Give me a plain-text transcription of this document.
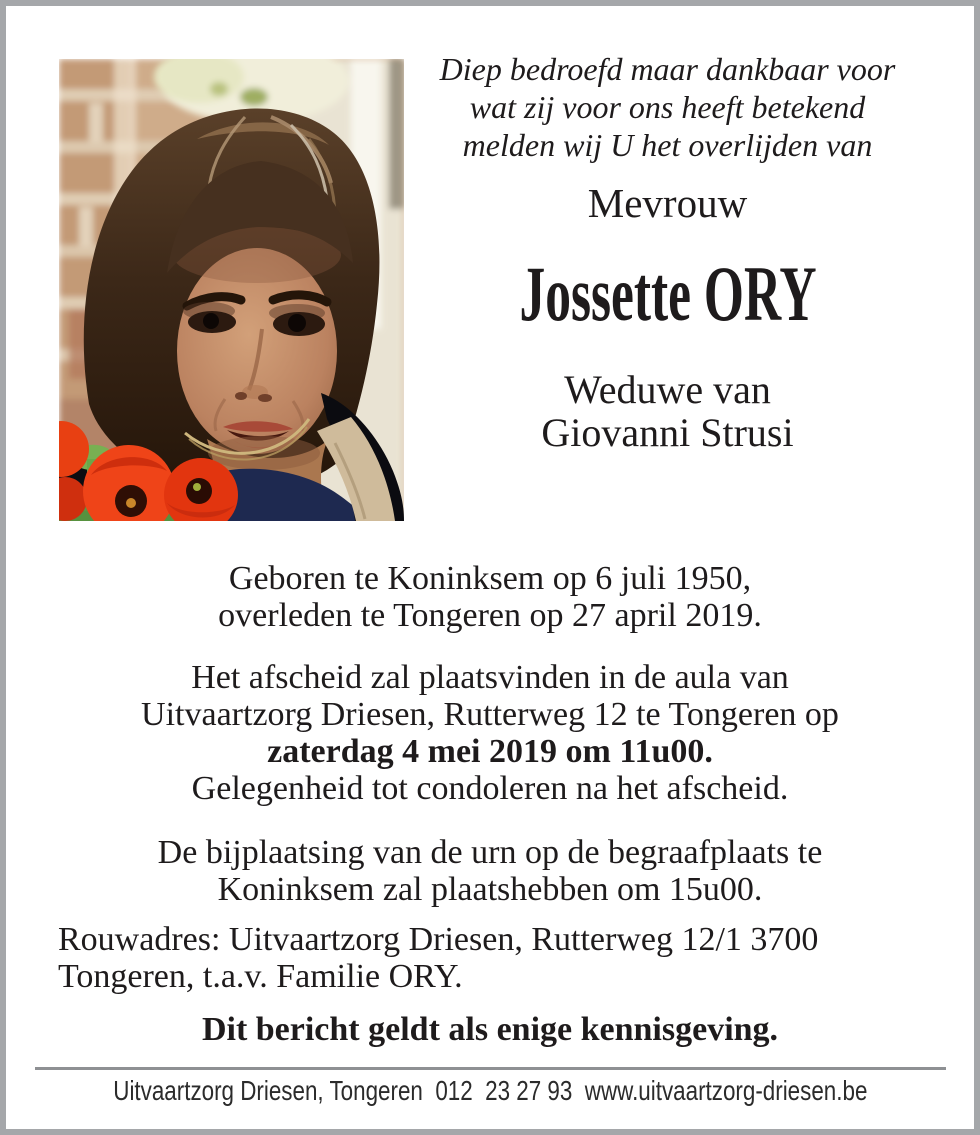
Diep bedroefd maar dankbaar voor
wat zij voor ons heeft betekend
melden wij U het overlijden van
Mevrouw
Jossette ORY
Weduwe van
Giovanni Strusi
Geboren te Koninksem op 6 juli 1950,
overleden te Tongeren op 27 april 2019.
Het afscheid zal plaatsvinden in de aula van
Uitvaartzorg Driesen, Rutterweg 12 te Tongeren op
zaterdag 4 mei 2019 om 11u00.
Gelegenheid tot condoleren na het afscheid.
De bijplaatsing van de urn op de begraafplaats te
Koninksem zal plaatshebben om 15u00.
Rouwadres: Uitvaartzorg Driesen, Rutterweg 12/1 3700
Tongeren, t.a.v. Familie ORY.
Dit bericht geldt als enige kennisgeving.
Uitvaartzorg Driesen, Tongeren  012  23 27 93  www.uitvaartzorg-driesen.be
